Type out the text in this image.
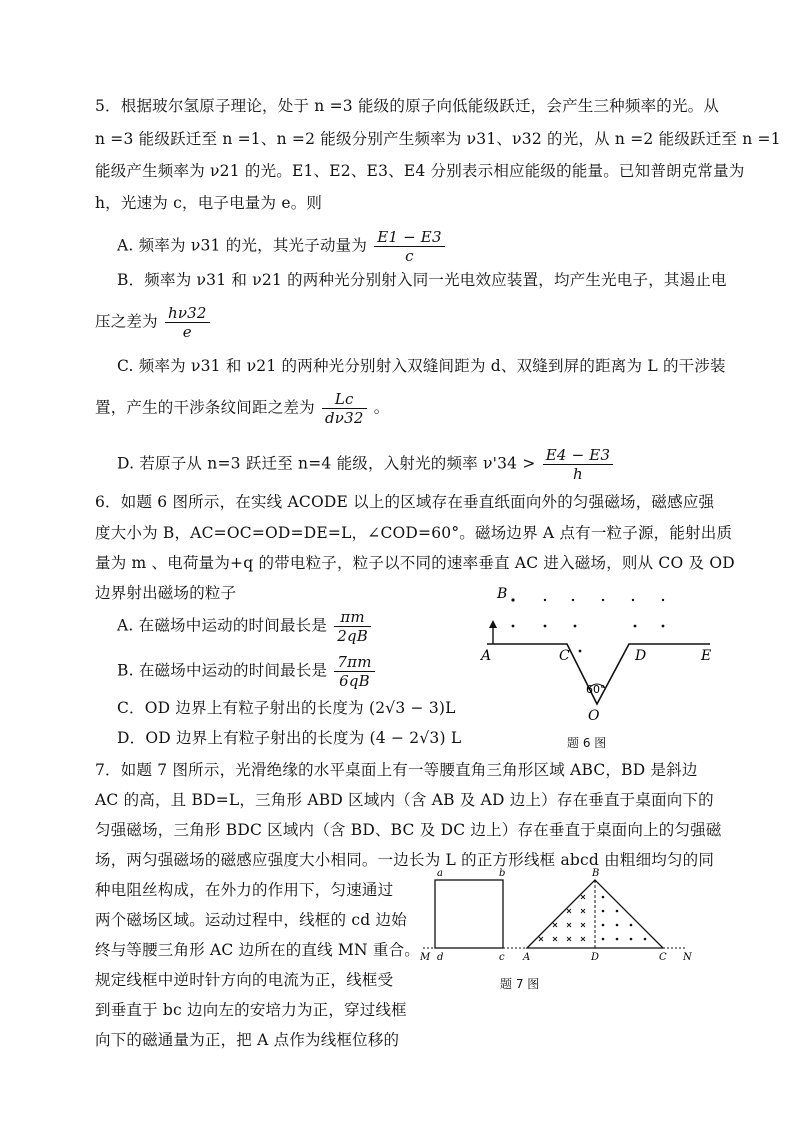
5．根据玻尔氢原子理论，处于 n =3 能级的原子向低能级跃迁，会产生三种频率的光。从
n =3 能级跃迁至 n =1、n =2 能级分别产生频率为 ν31、ν32 的光，从 n =2 能级跃迁至 n =1
能级产生频率为 ν21 的光。E1、E2、E3、E4 分别表示相应能级的能量。已知普朗克常量为
h，光速为 c，电子电量为 e。则
A. 频率为 ν31 的光，其光子动量为 $\frac{E1 - E3}{c}$
B．频率为 ν31 和 ν21 的两种光分别射入同一光电效应装置，均产生光电子，其遏止电
压之差为 $\frac{h\nu 32}{e}$
C. 频率为 ν31 和 ν21 的两种光分别射入双缝间距为 d、双缝到屏的距离为 L 的干涉装
置，产生的干涉条纹间距之差为 $\frac{Lc}{d\nu 32}$ 。
D. 若原子从 n=3 跃迁至 n=4 能级，入射光的频率 $\nu'34 > \frac{E4 - E3}{h}$
6．如题 6 图所示，在实线 ACODE 以上的区域存在垂直纸面向外的匀强磁场，磁感应强
度大小为 B，AC=OC=OD=DE=L，∠COD=60°。磁场边界 A 点有一粒子源，能射出质
量为 m 、电荷量为+q 的带电粒子，粒子以不同的速率垂直 AC 进入磁场，则从 CO 及 OD
边界射出磁场的粒子
A. 在磁场中运动的时间最长是 $\frac{\pi m}{2qB}$
B. 在磁场中运动的时间最长是 $\frac{7\pi m}{6qB}$
C．OD 边界上有粒子射出的长度为 (2√3 − 3)L
D．OD 边界上有粒子射出的长度为 (4 − 2√3) L
B
A	C	D	E
O
60°
题 6 图
7．如题 7 图所示，光滑绝缘的水平桌面上有一等腰直角三角形区域 ABC，BD 是斜边
AC 的高，且 BD=L，三角形 ABD 区域内（含 AB 及 AD 边上）存在垂直于桌面向下的
匀强磁场，三角形 BDC 区域内（含 BD、BC 及 DC 边上）存在垂直于桌面向上的匀强磁
场，两匀强磁场的磁感应强度大小相同。一边长为 L 的正方形线框 abcd 由粗细均匀的同
种电阻丝构成，在外力的作用下，匀速通过
两个磁场区域。运动过程中，线框的 cd 边始
终与等腰三角形 AC 边所在的直线 MN 重合。
规定线框中逆时针方向的电流为正，线框受
到垂直于 bc 边向左的安培力为正，穿过线框
向下的磁通量为正，把 A 点作为线框位移的
a	b
c
d
M	N
A
B
C
D
题 7 图
